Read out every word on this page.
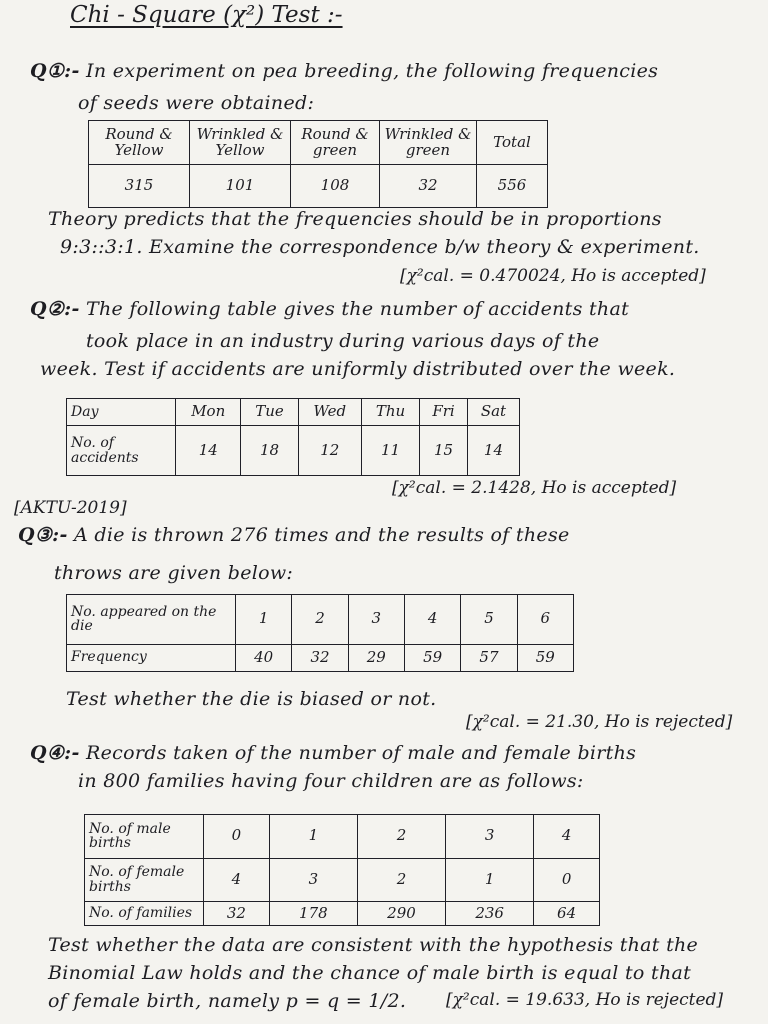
Chi - Square (χ²) Test :-
Q①:- In experiment on pea breeding, the following frequencies
of seeds were obtained:
Round & Yellow	Wrinkled & Yellow	Round & green	Wrinkled & green	Total
315	101	108	32	556
Theory predicts that the frequencies should be in proportions
9:3::3:1. Examine the correspondence b/w theory & experiment.
[χ²cal. = 0.470024, Ho is accepted]
Q②:- The following table gives the number of accidents that
took place in an industry during various days of the
week. Test if accidents are uniformly distributed over the week.
Day	Mon	Tue	Wed	Thu	Fri	Sat
No. of accidents	14	18	12	11	15	14
[AKTU-2019]
[χ²cal. = 2.1428, Ho is accepted]
Q③:- A die is thrown 276 times and the results of these
throws are given below:
No. appeared on the die	1	2	3	4	5	6
Frequency	40	32	29	59	57	59
Test whether the die is biased or not.
[χ²cal. = 21.30, Ho is rejected]
Q④:- Records taken of the number of male and female births
in 800 families having four children are as follows:
No. of male births	0	1	2	3	4
No. of female births	4	3	2	1	0
No. of families	32	178	290	236	64
Test whether the data are consistent with the hypothesis that the
Binomial Law holds and the chance of male birth is equal to that
of female birth, namely p = q = 1/2. [χ²cal. = 19.633, Ho is rejected]
